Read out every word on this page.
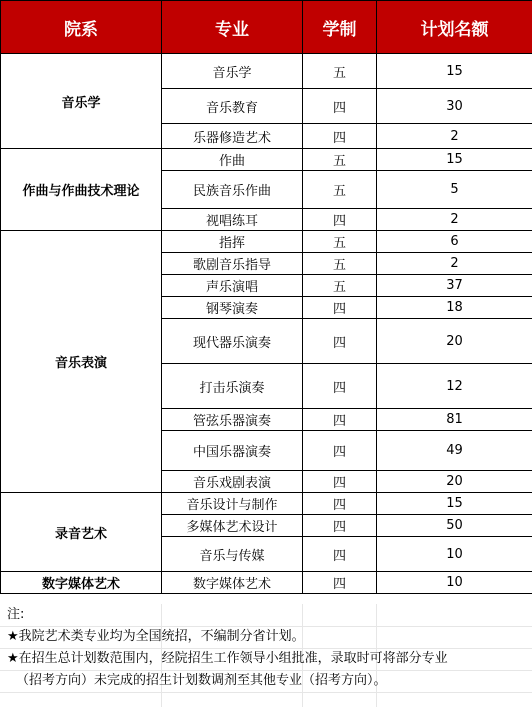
院系	专业	学制	计划名额
音乐学	音乐学	五	15
	音乐教育	四	30
	乐器修造艺术	四	2
作曲与作曲技术理论	作曲	五	15
	民族音乐作曲	五	5
	视唱练耳	四	2
音乐表演	指挥	五	6
	歌剧音乐指导	五	2
	声乐演唱	五	37
	钢琴演奏	四	18
	现代器乐演奏	四	20
	打击乐演奏	四	12
	管弦乐器演奏	四	81
	中国乐器演奏	四	49
	音乐戏剧表演	四	20
录音艺术	音乐设计与制作	四	15
	多媒体艺术设计	四	50
	音乐与传媒	四	10
数字媒体艺术	数字媒体艺术	四	10
注:
★我院艺术类专业均为全国统招，不编制分省计划。
★在招生总计划数范围内，经院招生工作领导小组批准，录取时可将部分专业
（招考方向）未完成的招生计划数调剂至其他专业（招考方向）。
